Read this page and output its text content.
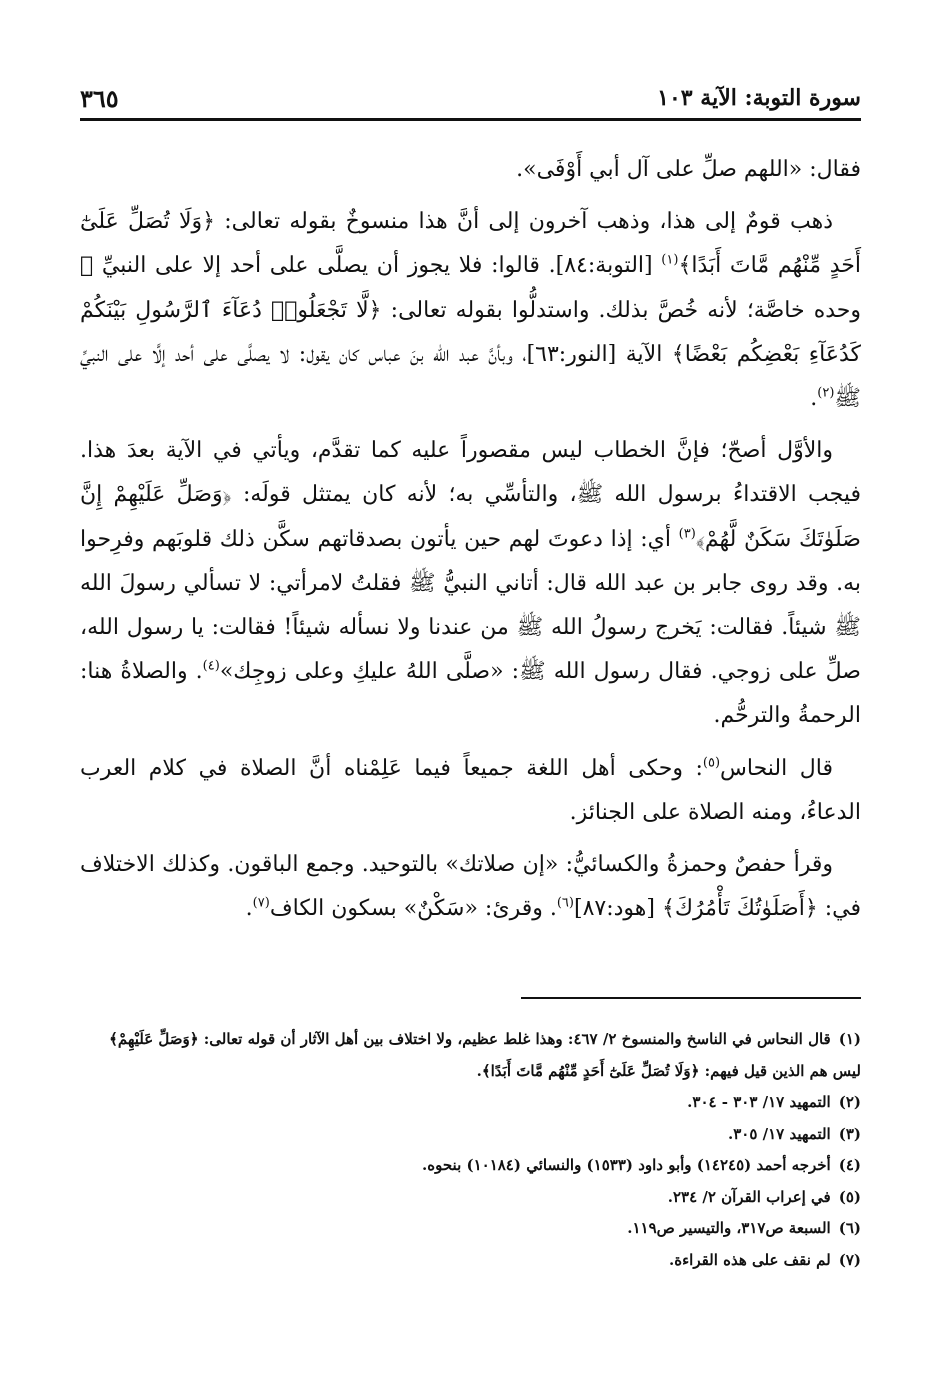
سورة التوبة: الآية ١٠٣
٣٦٥

فقال: «اللهم صلِّ على آل أبي أَوْفَى».

ذهب قومٌ إلى هذا، وذهب آخرون إلى أنَّ هذا منسوخٌ بقوله تعالى: ﴿وَلَا تُصَلِّ عَلَىٰٓ أَحَدٍ مِّنْهُم مَّاتَ أَبَدًا﴾$^{(١)}$ [التوبة:٨٤]. قالوا: فلا يجوز أن يصلَّى على أحد إلا على النبيِّ ﷺ وحده خاصَّة؛ لأنه خُصَّ بذلك. واستدلُّوا بقوله تعالى: ﴿لَّا تَجْعَلُوا۟ دُعَآءَ ٱلرَّسُولِ بَيْنَكُمْ كَدُعَآءِ بَعْضِكُم بَعْضًا﴾ الآية [النور:٦٣]، وبأنَّ عبد الله بنَ عباس كان يقول: لا يصلَّى على أحد إلَّا على النبيِّ ﷺ$^{(٢)}$.

والأوَّل أصحّ؛ فإنَّ الخطاب ليس مقصوراً عليه كما تقدَّم، ويأتي في الآية بعدَ هذا. فيجب الاقتداءُ برسول الله ﷺ، والتأسِّي به؛ لأنه كان يمتثل قولَه: ﴿وَصَلِّ عَلَيْهِمْ إِنَّ صَلَوٰتَكَ سَكَنٌ لَّهُمْ﴾$^{(٣)}$ أي: إذا دعوتَ لهم حين يأتون بصدقاتهم سكَّن ذلك قلوبَهم وفرِحوا به. وقد روى جابر بن عبد الله قال: أتاني النبيُّ ﷺ فقلتُ لامرأتي: لا تسألي رسولَ الله ﷺ شيئاً. فقالت: يَخرج رسولُ الله ﷺ من عندنا ولا نسأله شيئاً! فقالت: يا رسول الله، صلِّ على زوجي. فقال رسول الله ﷺ: «صلَّى اللهُ عليكِ وعلى زوجِك»$^{(٤)}$. والصلاةُ هنا: الرحمةُ والترحُّم.

قال النحاس$^{(٥)}$: وحكى أهل اللغة جميعاً فيما عَلِمْناه أنَّ الصلاة في كلام العرب الدعاءُ، ومنه الصلاة على الجنائز.

وقرأ حفصٌ وحمزةُ والكسائيُّ: «إن صلاتك» بالتوحيد. وجمع الباقون. وكذلك الاختلاف في: ﴿أَصَلَوٰتُكَ تَأْمُرُكَ﴾ [هود:٨٧]$^{(٦)}$. وقرئ: «سَكْنٌ» بسكون الكاف$^{(٧)}$.

(١)قال النحاس في الناسخ والمنسوخ ٢/ ٤٦٧: وهذا غلط عظيم، ولا اختلاف بين أهل الآثار أن قوله تعالى: ﴿وَصَلِّ عَلَيْهِمْ﴾ ليس هم الذين قيل فيهم: ﴿وَلَا تُصَلِّ عَلَىٰٓ أَحَدٍ مِّنْهُم مَّاتَ أَبَدًا﴾.

(٢)التمهيد ١٧/ ٣٠٣ - ٣٠٤.

(٣)التمهيد ١٧/ ٣٠٥.

(٤)أخرجه أحمد (١٤٢٤٥) وأبو داود (١٥٣٣) والنسائي (١٠١٨٤) بنحوه.

(٥)في إعراب القرآن ٢/ ٢٣٤.

(٦)السبعة ص٣١٧، والتيسير ص١١٩.

(٧)لم نقف على هذه القراءة.
